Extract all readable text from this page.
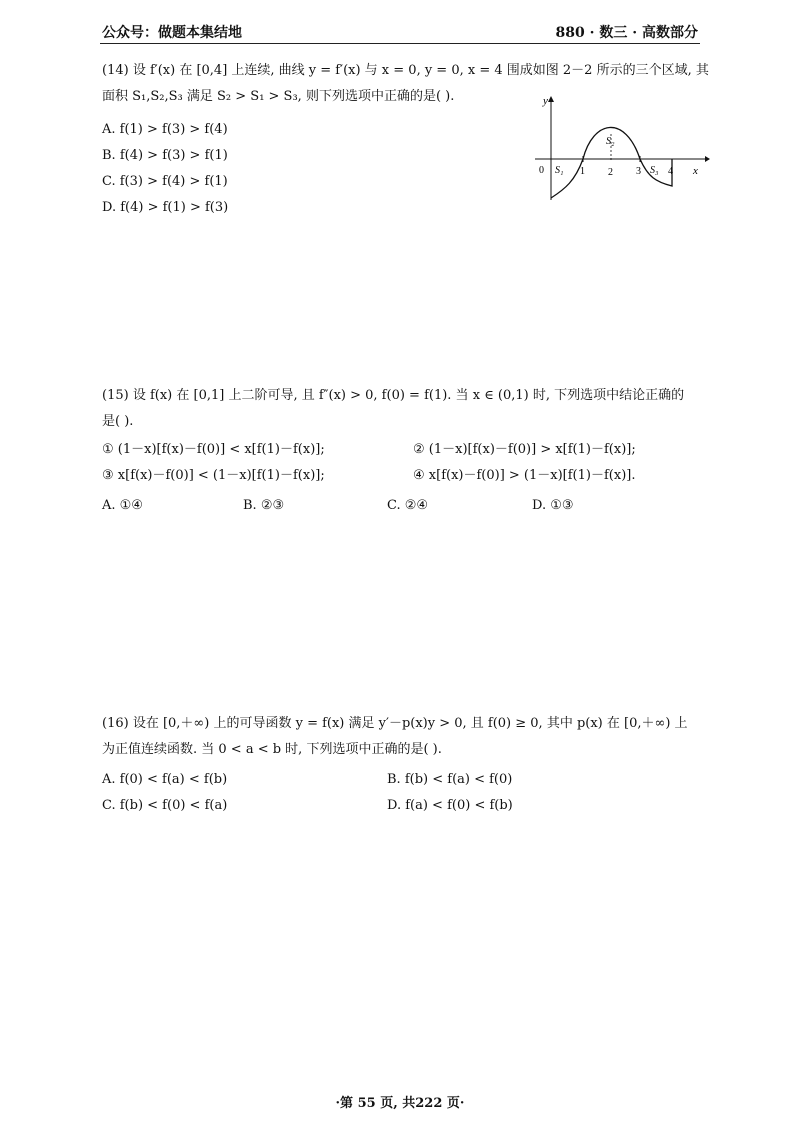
公众号：做题本集结地	880 · 数三 · 高数部分
(14) 设 f′(x) 在 [0,4] 上连续, 曲线 y = f′(x) 与 x = 0, y = 0, x = 4 围成如图 2－2 所示的三个区域, 其
面积 S₁,S₂,S₃ 满足 S₂ > S₁ > S₃, 则下列选项中正确的是( ).
A. f(1) > f(3) > f(4)
B. f(4) > f(3) > f(1)
C. f(3) > f(4) > f(1)
D. f(4) > f(1) > f(3)
y
x
0 S₁ 1
S₂
2 3 S₃ 4
(15) 设 f(x) 在 [0,1] 上二阶可导, 且 f″(x) > 0, f(0) = f(1). 当 x ∈ (0,1) 时, 下列选项中结论正确的
是( ).
① (1－x)[f(x)－f(0)] < x[f(1)－f(x)];	② (1－x)[f(x)－f(0)] > x[f(1)－f(x)];
③ x[f(x)－f(0)] < (1－x)[f(1)－f(x)];	④ x[f(x)－f(0)] > (1－x)[f(1)－f(x)].
A. ①④	B. ②③	C. ②④	D. ①③
(16) 设在 [0,＋∞) 上的可导函数 y = f(x) 满足 y′－p(x)y > 0, 且 f(0) ≥ 0, 其中 p(x) 在 [0,＋∞) 上
为正值连续函数. 当 0 < a < b 时, 下列选项中正确的是( ).
A. f(0) < f(a) < f(b)	B. f(b) < f(a) < f(0)
C. f(b) < f(0) < f(a)	D. f(a) < f(0) < f(b)
·第 55 页, 共222 页·
